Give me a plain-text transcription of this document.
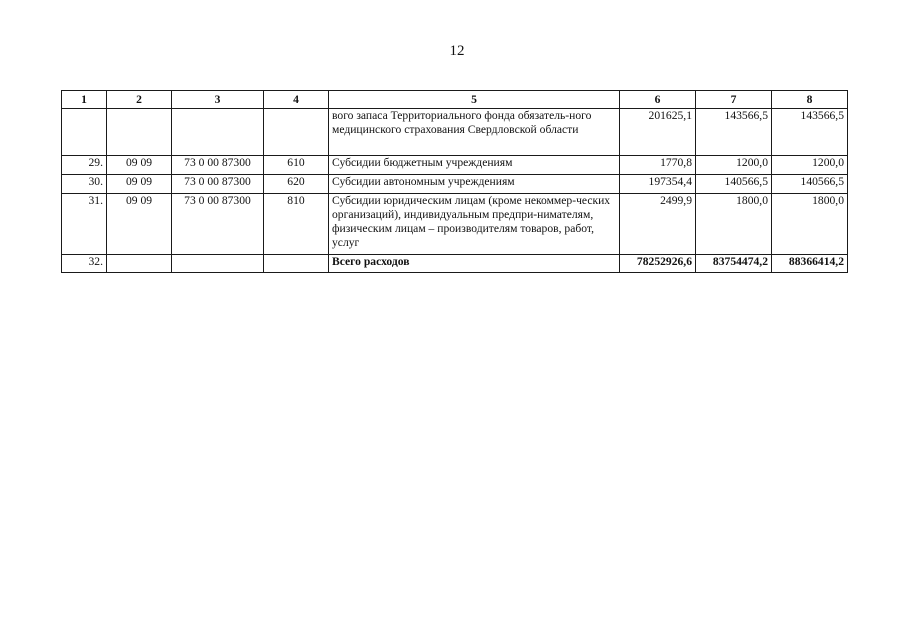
12
1	2	3	4	5	6	7	8
				вого запаса Территориального фонда обязатель-ного медицинского страхования Свердловской области	201625,1	143566,5	143566,5
29.	09 09	73 0 00 87300	610	Субсидии бюджетным учреждениям	1770,8	1200,0	1200,0
30.	09 09	73 0 00 87300	620	Субсидии автономным учреждениям	197354,4	140566,5	140566,5
31.	09 09	73 0 00 87300	810	Субсидии юридическим лицам (кроме некоммер-ческих организаций), индивидуальным предпри-нимателям, физическим лицам – производителям товаров, работ, услуг	2499,9	1800,0	1800,0
32.				Всего расходов	78252926,6	83754474,2	88366414,2
